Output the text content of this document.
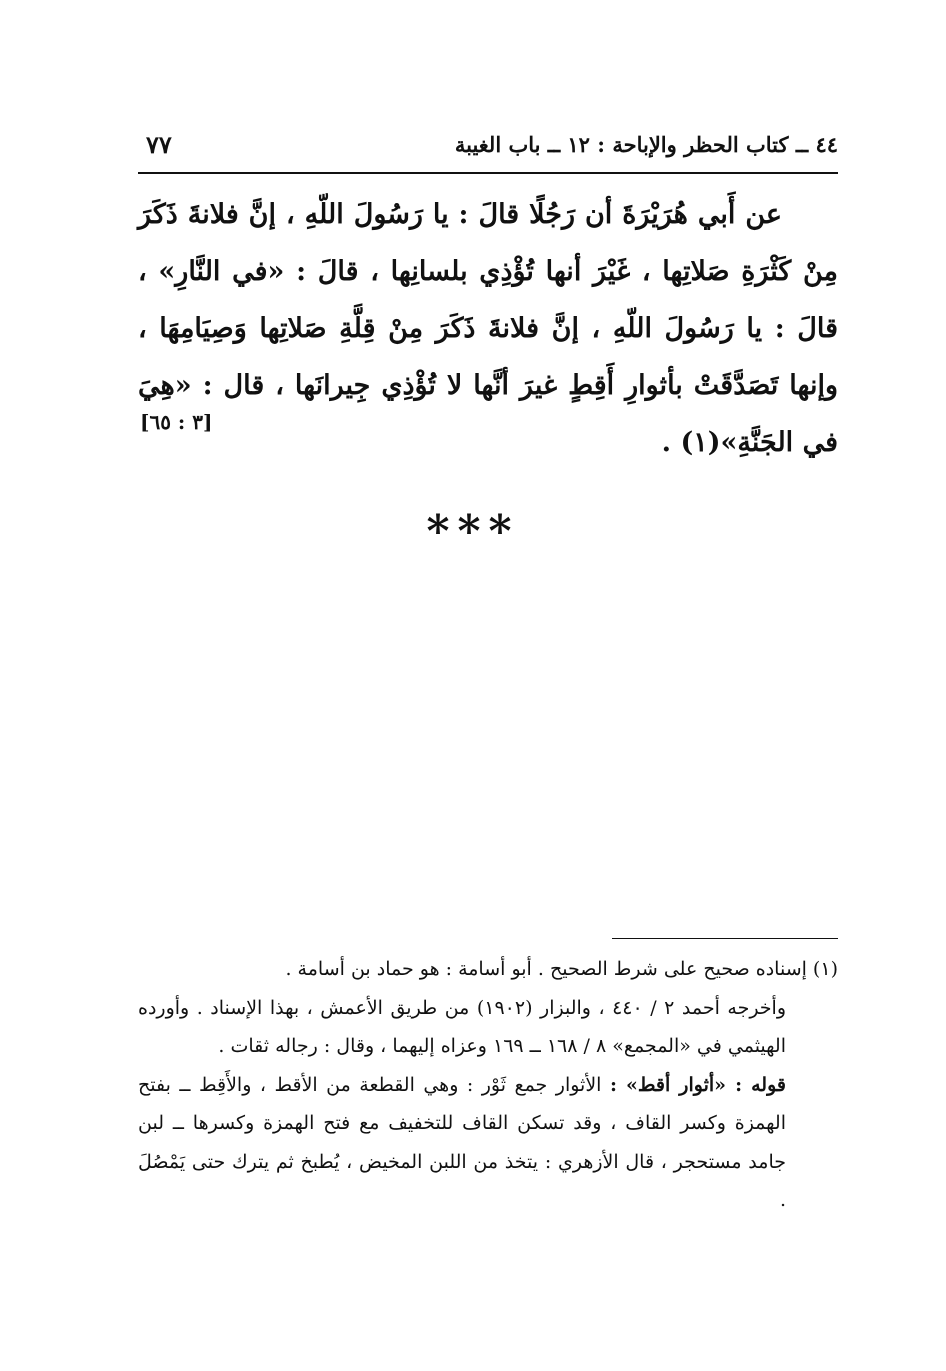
٤٤ ــ كتاب الحظر والإباحة : ١٢ ــ باب الغيبة
٧٧

عن أَبي هُرَيْرَةَ أن رَجُلًا قالَ : يا رَسُولَ اللّهِ ، إنَّ فلانةَ ذَكَرَ مِنْ كَثْرَةِ صَلاتِها ، غَيْرَ أنها تُؤْذِي بلسانِها ، قالَ : «في النَّارِ» ، قالَ : يا رَسُولَ اللّهِ ، إنَّ فلانةَ ذَكَرَ مِنْ قِلَّةِ صَلاتِها وَصِيَامِهَا ، وإنها تَصَدَّقَتْ بأثوارِ أَقِطٍ غيرَ أنَّها لا تُؤْذِي جِيرانَها ، قال : «هِيَ في الجَنَّةِ»(١) .

[٣ : ٦٥]
***

(١) إسناده صحيح على شرط الصحيح . أبو أسامة : هو حماد بن أسامة .

وأخرجه أحمد ٢ / ٤٤٠ ، والبزار (١٩٠٢) من طريق الأعمش ، بهذا الإسناد . وأورده الهيثمي في «المجمع» ٨ / ١٦٨ ــ ١٦٩ وعزاه إليهما ، وقال : رجاله ثقات .

قوله : «أثوار أقط» : الأثوار جمع ثَوْر : وهي القطعة من الأقط ، والأَقِط ــ بفتح الهمزة وكسر القاف ، وقد تسكن القاف للتخفيف مع فتح الهمزة وكسرها ــ لبن جامد مستحجر ، قال الأزهري : يتخذ من اللبن المخيض ، يُطبخ ثم يترك حتى يَمْصُلَ .
